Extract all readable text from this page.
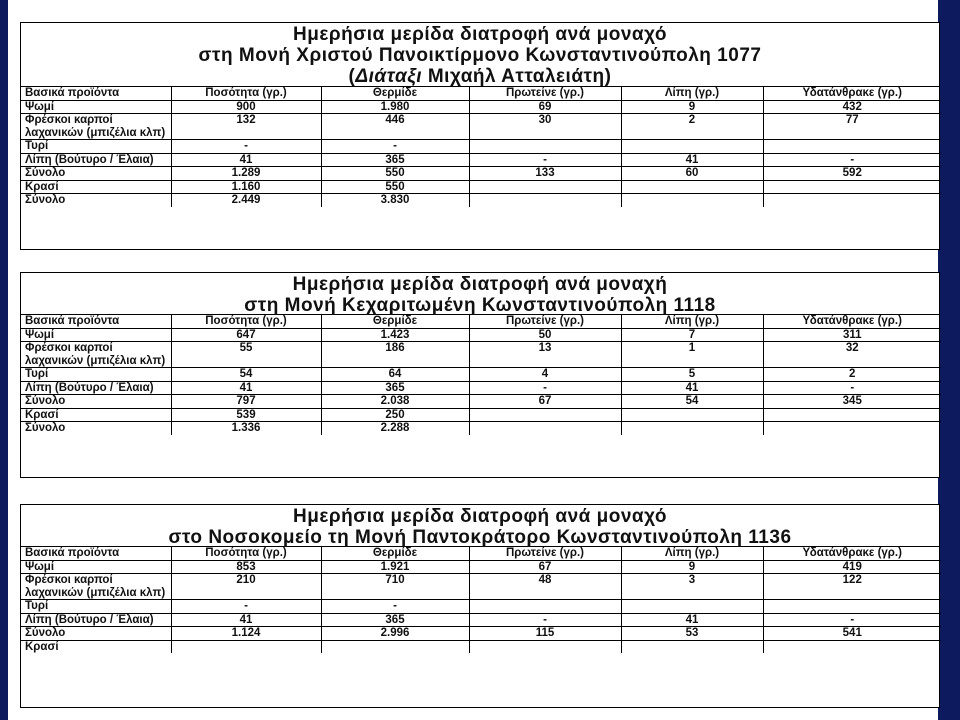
Ημερήσια μερίδα διατροφή ανά μοναχό
στη Μονή Χριστού Πανοικτίρμονο Κωνσταντινούπολη 1077
(Διάταξι Μιχαήλ Ατταλειάτη)
Βασικά προϊόντα	Ποσότητα (γρ.)	Θερμίδε	Πρωτείνε (γρ.)	Λίπη (γρ.)	Υδατάνθρακε (γρ.)
Ψωμί	900	1.980	69	9	432
Φρέσκοι καρποί λαχανικών (μπιζέλια κλπ)	132	446	30	2	77
Τυρί	-	-			
Λίπη (Βούτυρο / Έλαια)	41	365	-	41	-
Σύνολο	1.289	550	133	60	592
Κρασί	1.160	550			
Σύνολο	2.449	3.830			
Ημερήσια μερίδα διατροφή ανά μοναχή
στη Μονή Κεχαριτωμένη Κωνσταντινούπολη 1118
Βασικά προϊόντα	Ποσότητα (γρ.)	Θερμίδε	Πρωτείνε (γρ.)	Λίπη (γρ.)	Υδατάνθρακε (γρ.)
Ψωμί	647	1.423	50	7	311
Φρέσκοι καρποί λαχανικών (μπιζέλια κλπ)	55	186	13	1	32
Τυρί	54	64	4	5	2
Λίπη (Βούτυρο / Έλαια)	41	365	-	41	-
Σύνολο	797	2.038	67	54	345
Κρασί	539	250			
Σύνολο	1.336	2.288			
Ημερήσια μερίδα διατροφή ανά μοναχό
στο Νοσοκομείο τη Μονή Παντοκράτορο Κωνσταντινούπολη 1136
Βασικά προϊόντα	Ποσότητα (γρ.)	Θερμίδε	Πρωτείνε (γρ.)	Λίπη (γρ.)	Υδατάνθρακε (γρ.)
Ψωμί	853	1.921	67	9	419
Φρέσκοι καρποί λαχανικών (μπιζέλια κλπ)	210	710	48	3	122
Τυρί	-	-			
Λίπη (Βούτυρο / Έλαια)	41	365	-	41	-
Σύνολο	1.124	2.996	115	53	541
Κρασί					
